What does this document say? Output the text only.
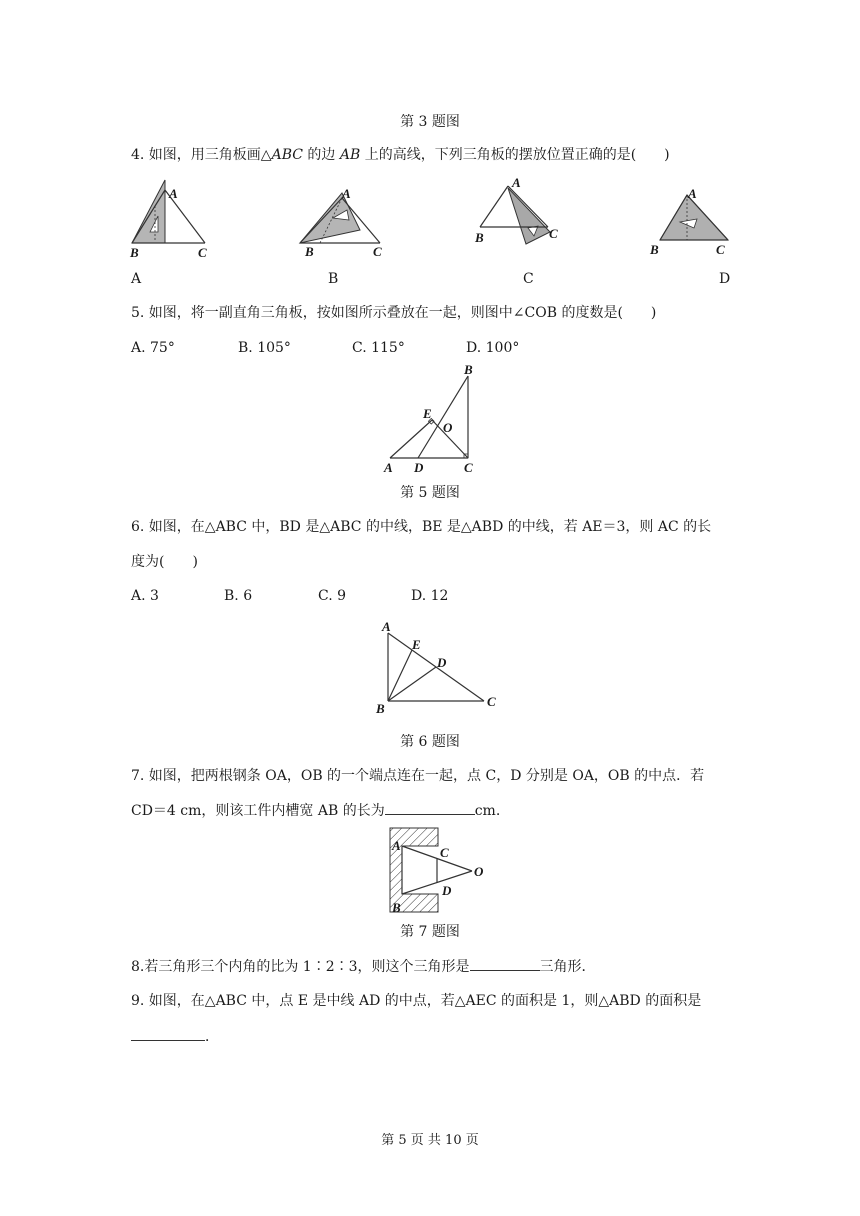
第 3 题图
4. 如图，用三角板画△ABC 的边 AB 上的高线，下列三角板的摆放位置正确的是(　　)
A
B	C
A
B	C
A
B	C
A
B	C
A	B	C	D
5. 如图，将一副直角三角板，按如图所示叠放在一起，则图中∠COB 的度数是(　　)
A. 75°	B. 105°	C. 115°	D. 100°
A
B
C
D
E
O
第 5 题图
6. 如图，在△ABC 中，BD 是△ABC 的中线，BE 是△ABD 的中线，若 AE＝3，则 AC 的长
度为(　　)
A. 3	B. 6	C. 9	D. 12
A
B	C
D
E
第 6 题图
7. 如图，把两根钢条 OA，OB 的一个端点连在一起，点 C，D 分别是 OA，OB 的中点．若
CD＝4 cm，则该工件内槽宽 AB 的长为	cm.
A
B
C
D
O
第 7 题图
8.若三角形三个内角的比为 1∶2∶3，则这个三角形是	三角形．
9. 如图，在△ABC 中，点 E 是中线 AD 的中点，若△AEC 的面积是 1，则△ABD 的面积是
．
第 5 页 共 10 页
